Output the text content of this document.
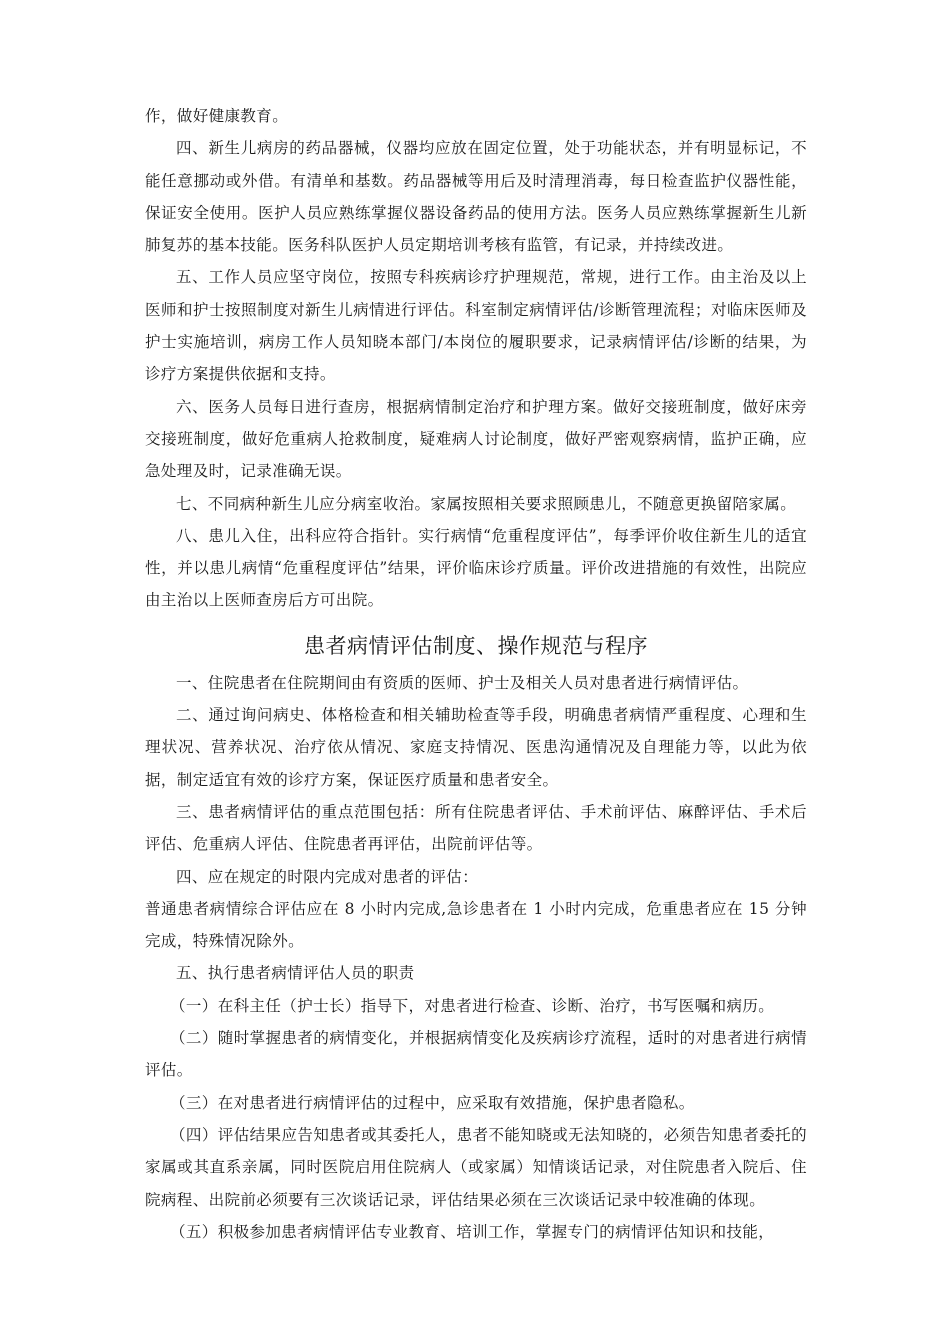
作，做好健康教育。

四、新生儿病房的药品器械，仪器均应放在固定位置，处于功能状态，并有明显标记，不能任意挪动或外借。有清单和基数。药品器械等用后及时清理消毒，每日检查监护仪器性能，保证安全使用。医护人员应熟练掌握仪器设备药品的使用方法。医务人员应熟练掌握新生儿新肺复苏的基本技能。医务科队医护人员定期培训考核有监管，有记录，并持续改进。

五、工作人员应坚守岗位，按照专科疾病诊疗护理规范，常规，进行工作。由主治及以上医师和护士按照制度对新生儿病情进行评估。科室制定病情评估/诊断管理流程；对临床医师及护士实施培训，病房工作人员知晓本部门/本岗位的履职要求，记录病情评估/诊断的结果，为诊疗方案提供依据和支持。

六、医务人员每日进行查房，根据病情制定治疗和护理方案。做好交接班制度，做好床旁交接班制度，做好危重病人抢救制度，疑难病人讨论制度，做好严密观察病情，监护正确，应急处理及时，记录准确无误。

七、不同病种新生儿应分病室收治。家属按照相关要求照顾患儿，不随意更换留陪家属。

八、患儿入住，出科应符合指针。实行病情“危重程度评估”，每季评价收住新生儿的适宜性，并以患儿病情“危重程度评估”结果，评价临床诊疗质量。评价改进措施的有效性，出院应由主治以上医师查房后方可出院。

患者病情评估制度、操作规范与程序

一、住院患者在住院期间由有资质的医师、护士及相关人员对患者进行病情评估。

二、通过询问病史、体格检查和相关辅助检查等手段，明确患者病情严重程度、心理和生理状况、营养状况、治疗依从情况、家庭支持情况、医患沟通情况及自理能力等，以此为依据，制定适宜有效的诊疗方案，保证医疗质量和患者安全。

三、患者病情评估的重点范围包括：所有住院患者评估、手术前评估、麻醉评估、手术后评估、危重病人评估、住院患者再评估，出院前评估等。

四、应在规定的时限内完成对患者的评估：

普通患者病情综合评估应在 8 小时内完成,急诊患者在 1 小时内完成，危重患者应在 15 分钟完成，特殊情况除外。

五、执行患者病情评估人员的职责

（一）在科主任（护士长）指导下，对患者进行检查、诊断、治疗，书写医嘱和病历。

（二）随时掌握患者的病情变化，并根据病情变化及疾病诊疗流程，适时的对患者进行病情评估。

（三）在对患者进行病情评估的过程中，应采取有效措施，保护患者隐私。

（四）评估结果应告知患者或其委托人，患者不能知晓或无法知晓的，必须告知患者委托的家属或其直系亲属，同时医院启用住院病人（或家属）知情谈话记录，对住院患者入院后、住院病程、出院前必须要有三次谈话记录，评估结果必须在三次谈话记录中较准确的体现。

（五）积极参加患者病情评估专业教育、培训工作，掌握专门的病情评估知识和技能，
